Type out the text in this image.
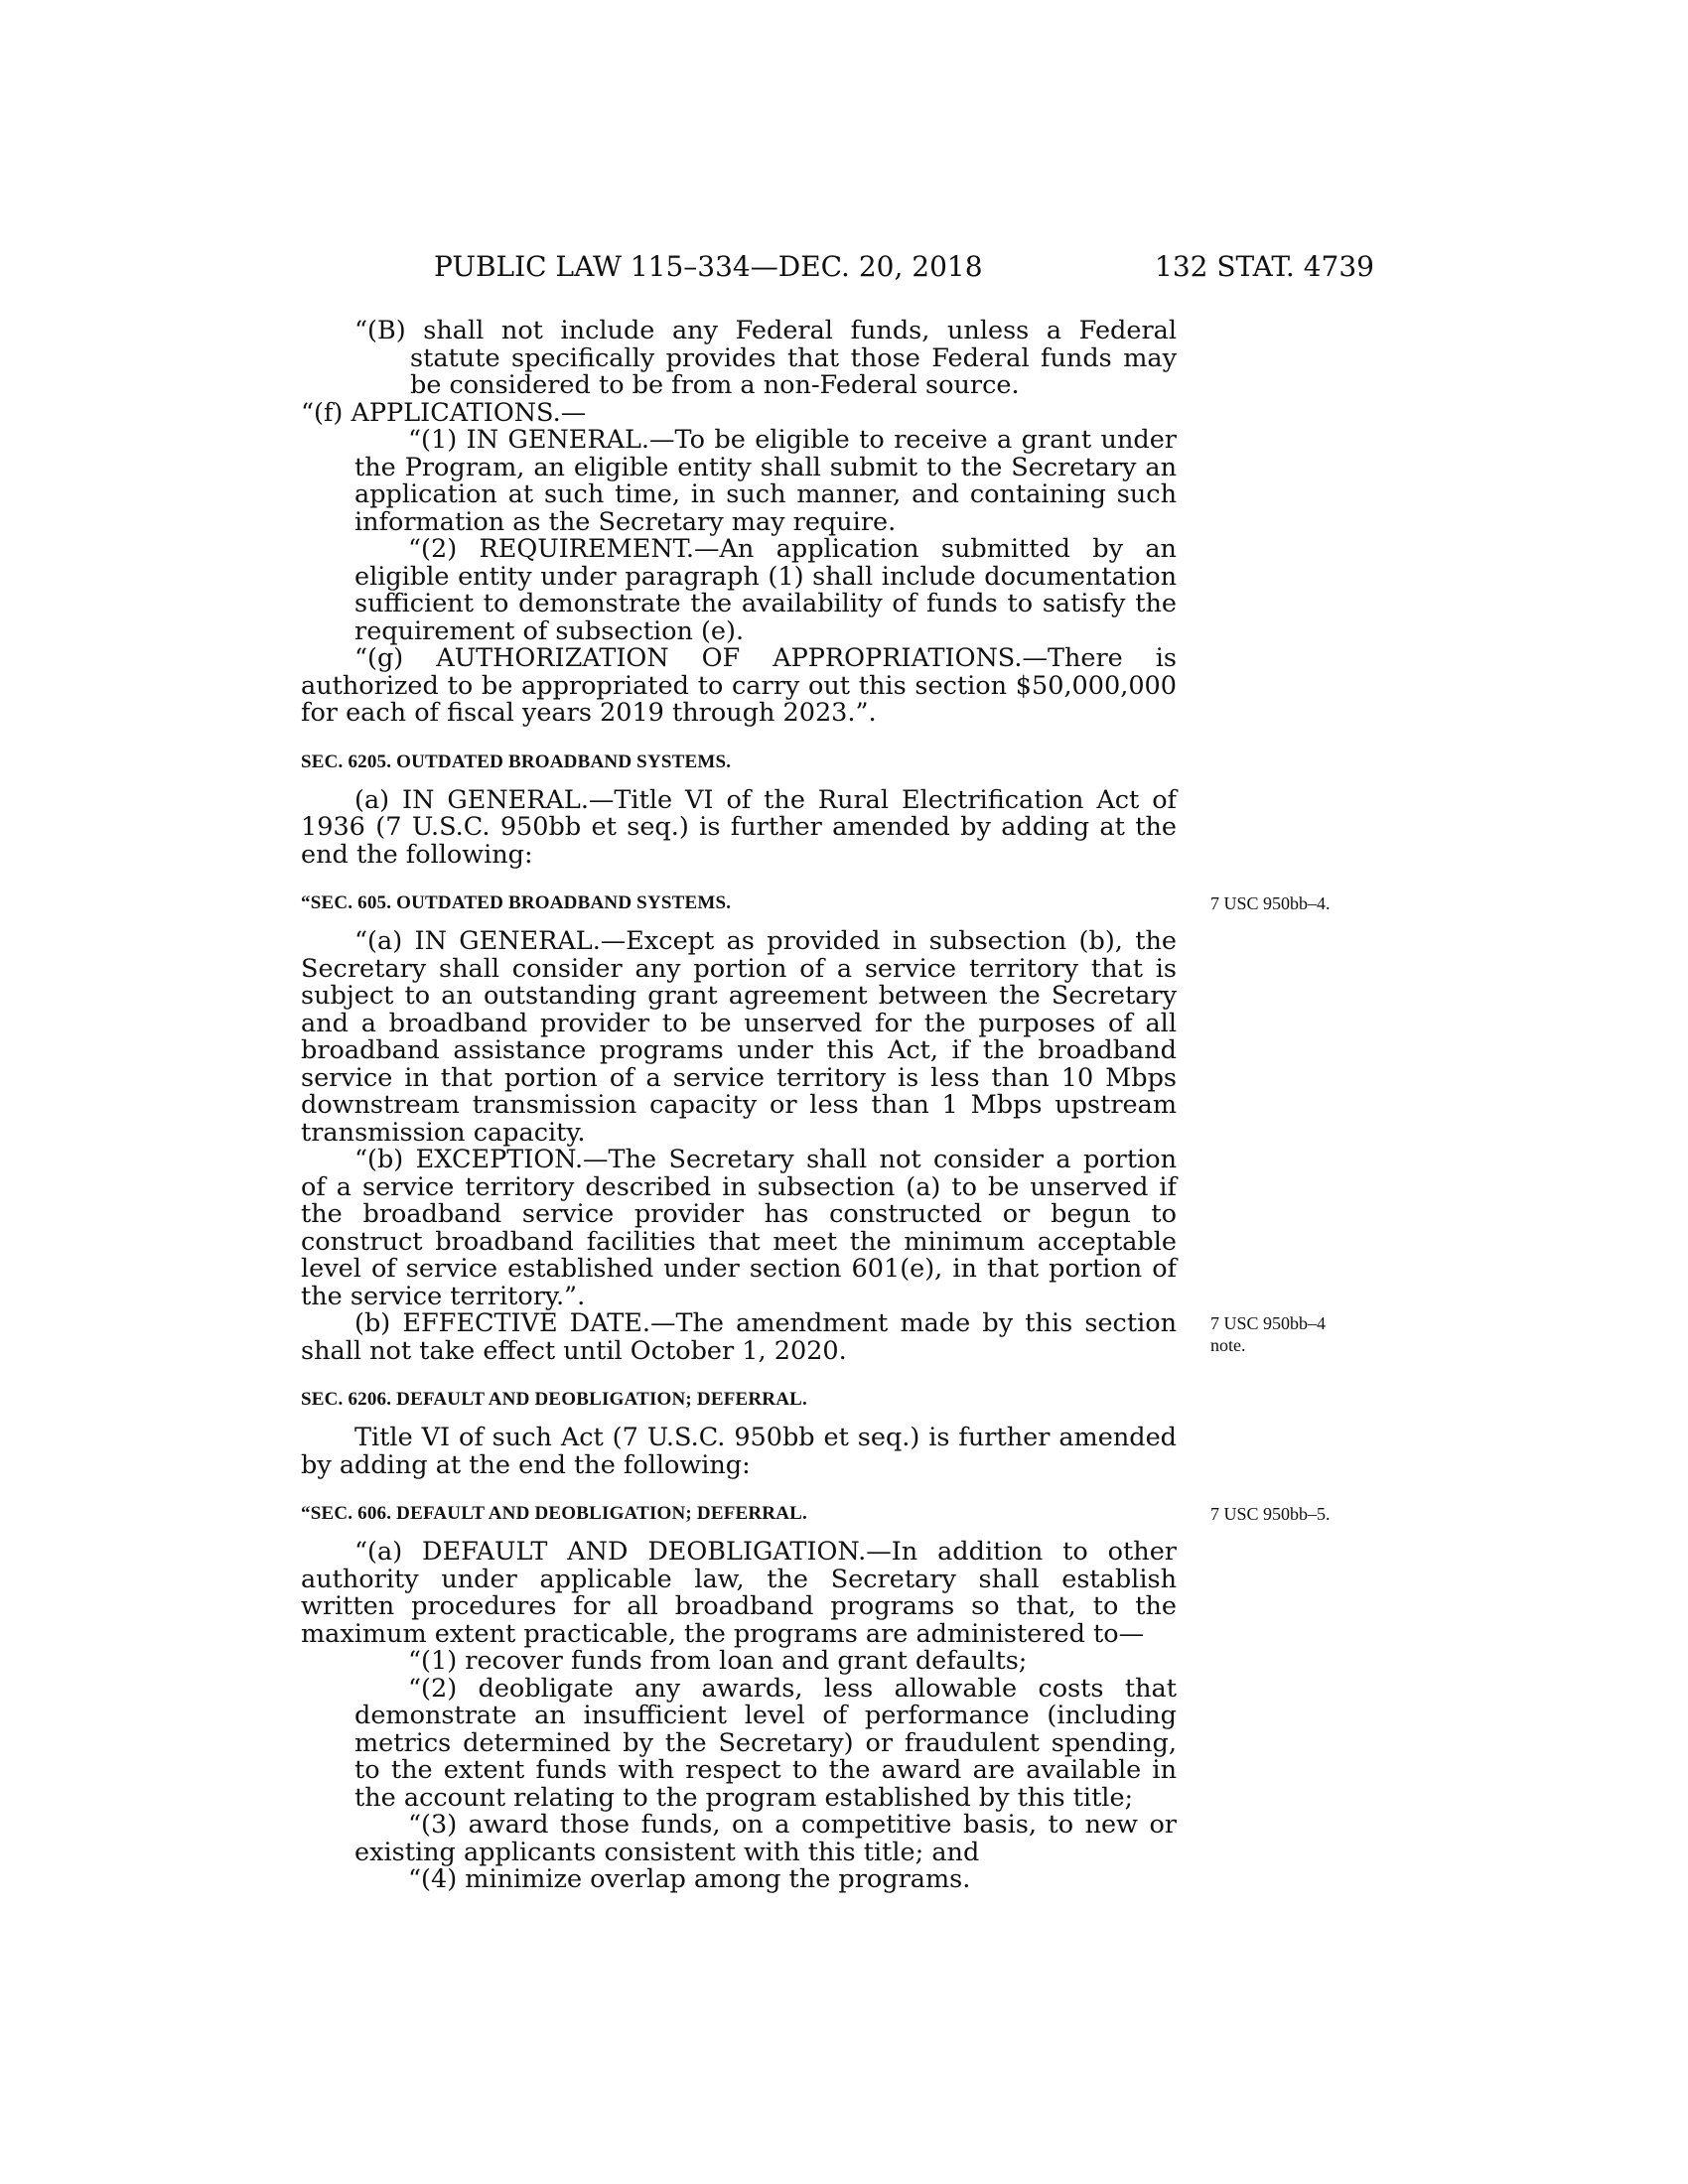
PUBLIC LAW 115–334—DEC. 20, 2018	132 STAT. 4739

“(B) shall not include any Federal funds, unless a Federal statute specifically provides that those Federal funds may be considered to be from a non-Federal source.

“(f) APPLICATIONS.—

“(1) IN GENERAL.—To be eligible to receive a grant under the Program, an eligible entity shall submit to the Secretary an application at such time, in such manner, and containing such information as the Secretary may require.

“(2) REQUIREMENT.—An application submitted by an eligible entity under paragraph (1) shall include documentation sufficient to demonstrate the availability of funds to satisfy the requirement of subsection (e).

“(g) AUTHORIZATION OF APPROPRIATIONS.—There is authorized to be appropriated to carry out this section $50,000,000 for each of fiscal years 2019 through 2023.”.

SEC. 6205. OUTDATED BROADBAND SYSTEMS.

(a) IN GENERAL.—Title VI of the Rural Electrification Act of 1936 (7 U.S.C. 950bb et seq.) is further amended by adding at the end the following:

“SEC. 605. OUTDATED BROADBAND SYSTEMS.	7 USC 950bb–4.

“(a) IN GENERAL.—Except as provided in subsection (b), the Secretary shall consider any portion of a service territory that is subject to an outstanding grant agreement between the Secretary and a broadband provider to be unserved for the purposes of all broadband assistance programs under this Act, if the broadband service in that portion of a service territory is less than 10 Mbps downstream transmission capacity or less than 1 Mbps upstream transmission capacity.

“(b) EXCEPTION.—The Secretary shall not consider a portion of a service territory described in subsection (a) to be unserved if the broadband service provider has constructed or begun to construct broadband facilities that meet the minimum acceptable level of service established under section 601(e), in that portion of the service territory.”.

(b) EFFECTIVE DATE.—The amendment made by this section shall not take effect until October 1, 2020.

7 USC 950bb–4
note.
SEC. 6206. DEFAULT AND DEOBLIGATION; DEFERRAL.

Title VI of such Act (7 U.S.C. 950bb et seq.) is further amended by adding at the end the following:

“SEC. 606. DEFAULT AND DEOBLIGATION; DEFERRAL.	7 USC 950bb–5.

“(a) DEFAULT AND DEOBLIGATION.—In addition to other authority under applicable law, the Secretary shall establish written procedures for all broadband programs so that, to the maximum extent practicable, the programs are administered to—

“(1) recover funds from loan and grant defaults;

“(2) deobligate any awards, less allowable costs that demonstrate an insufficient level of performance (including metrics determined by the Secretary) or fraudulent spending, to the extent funds with respect to the award are available in the account relating to the program established by this title;

“(3) award those funds, on a competitive basis, to new or existing applicants consistent with this title; and

“(4) minimize overlap among the programs.
